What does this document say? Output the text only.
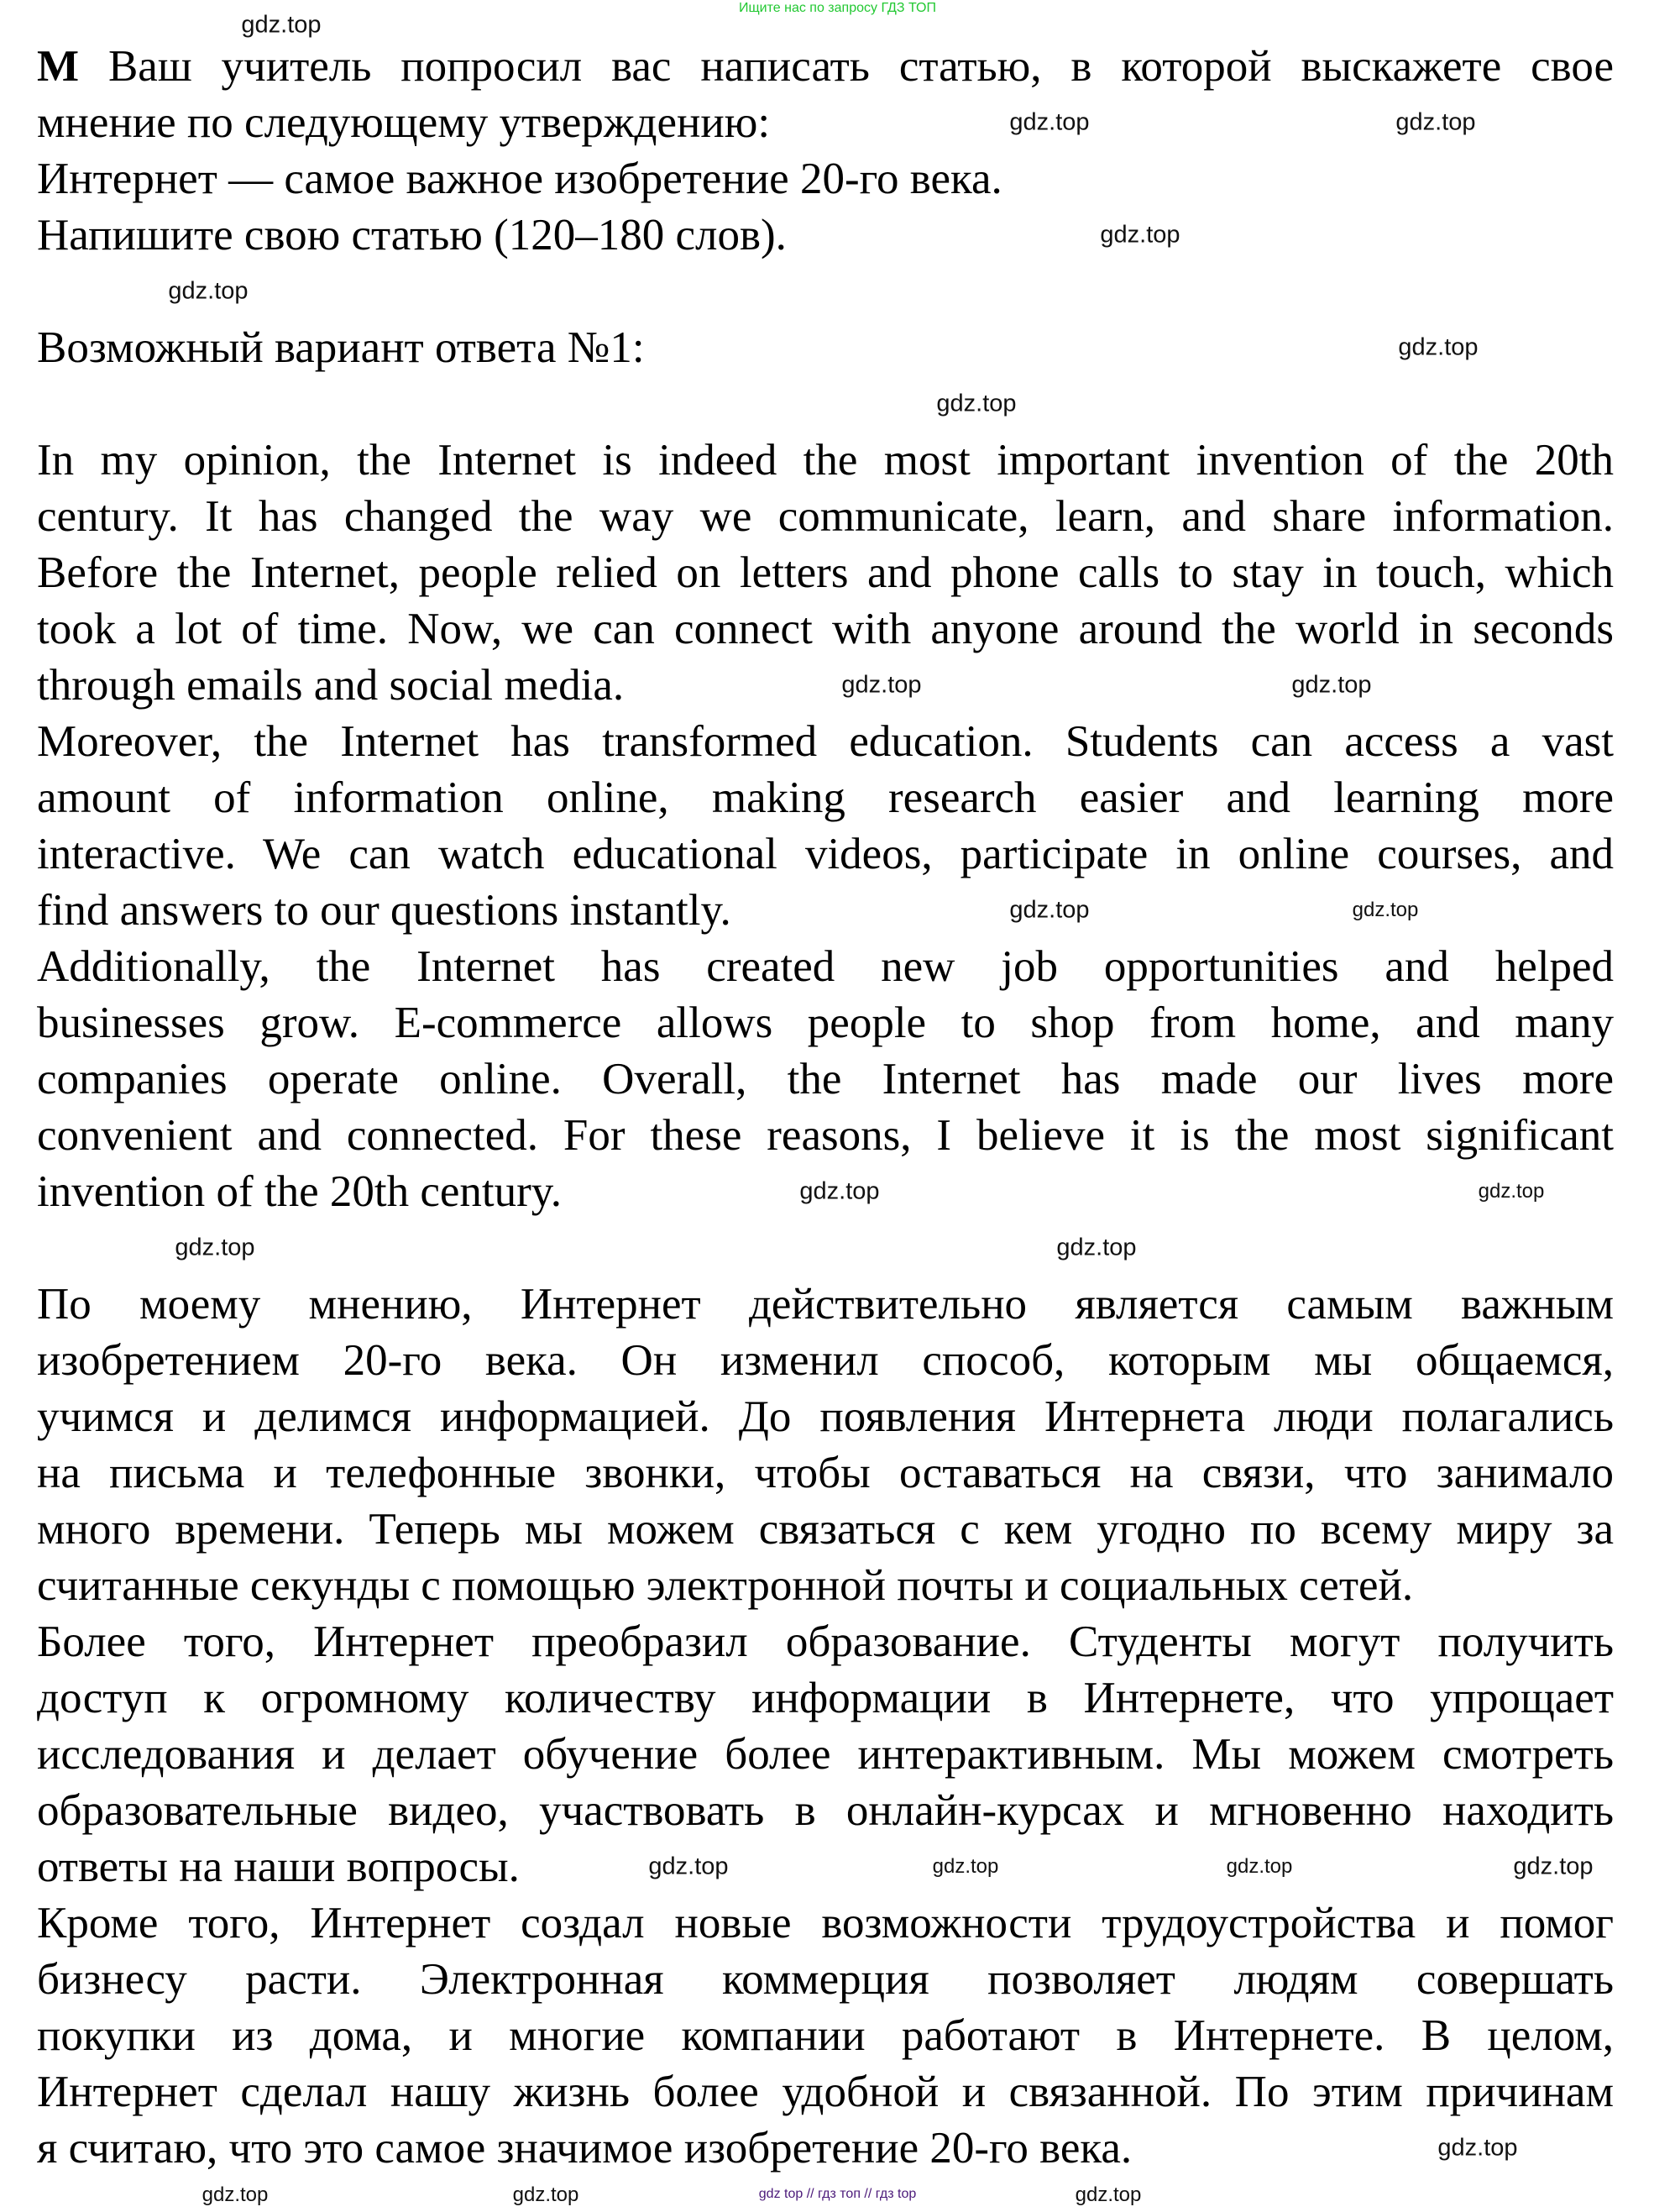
Ищите нас по запросу ГДЗ ТОП
M Ваш учитель попросил вас написать статью, в которой выскажете свое
мнение по следующему утверждению:
Интернет — самое важное изобретение 20-го века.
Напишите свою статью (120–180 слов).
Возможный вариант ответа №1:
In my opinion, the Internet is indeed the most important invention of the 20th
century. It has changed the way we communicate, learn, and share information.
Before the Internet, people relied on letters and phone calls to stay in touch, which
took a lot of time. Now, we can connect with anyone around the world in seconds
through emails and social media.
Moreover, the Internet has transformed education. Students can access a vast
amount of information online, making research easier and learning more
interactive. We can watch educational videos, participate in online courses, and
find answers to our questions instantly.
Additionally, the Internet has created new job opportunities and helped
businesses grow. E-commerce allows people to shop from home, and many
companies operate online. Overall, the Internet has made our lives more
convenient and connected. For these reasons, I believe it is the most significant
invention of the 20th century.
По моему мнению, Интернет действительно является самым важным
изобретением 20-го века. Он изменил способ, которым мы общаемся,
учимся и делимся информацией. До появления Интернета люди полагались
на письма и телефонные звонки, чтобы оставаться на связи, что занимало
много времени. Теперь мы можем связаться с кем угодно по всему миру за
считанные секунды с помощью электронной почты и социальных сетей.
Более того, Интернет преобразил образование. Студенты могут получить
доступ к огромному количеству информации в Интернете, что упрощает
исследования и делает обучение более интерактивным. Мы можем смотреть
образовательные видео, участвовать в онлайн-курсах и мгновенно находить
ответы на наши вопросы.
Кроме того, Интернет создал новые возможности трудоустройства и помог
бизнесу расти. Электронная коммерция позволяет людям совершать
покупки из дома, и многие компании работают в Интернете. В целом,
Интернет сделал нашу жизнь более удобной и связанной. По этим причинам
я считаю, что это самое значимое изобретение 20-го века.
gdz.top
gdz.top	gdz.top
gdz.top
gdz.top
gdz.top
gdz.top
gdz.top	gdz.top
gdz.top
gdz.top
gdz.top
gdz.top
gdz.top	gdz.top
gdz.top	gdz.top
gdz.top
gdz.top
gdz.top
gdz.top
gdz.top
gdz.top
gdz top // гдз топ // гдз top
